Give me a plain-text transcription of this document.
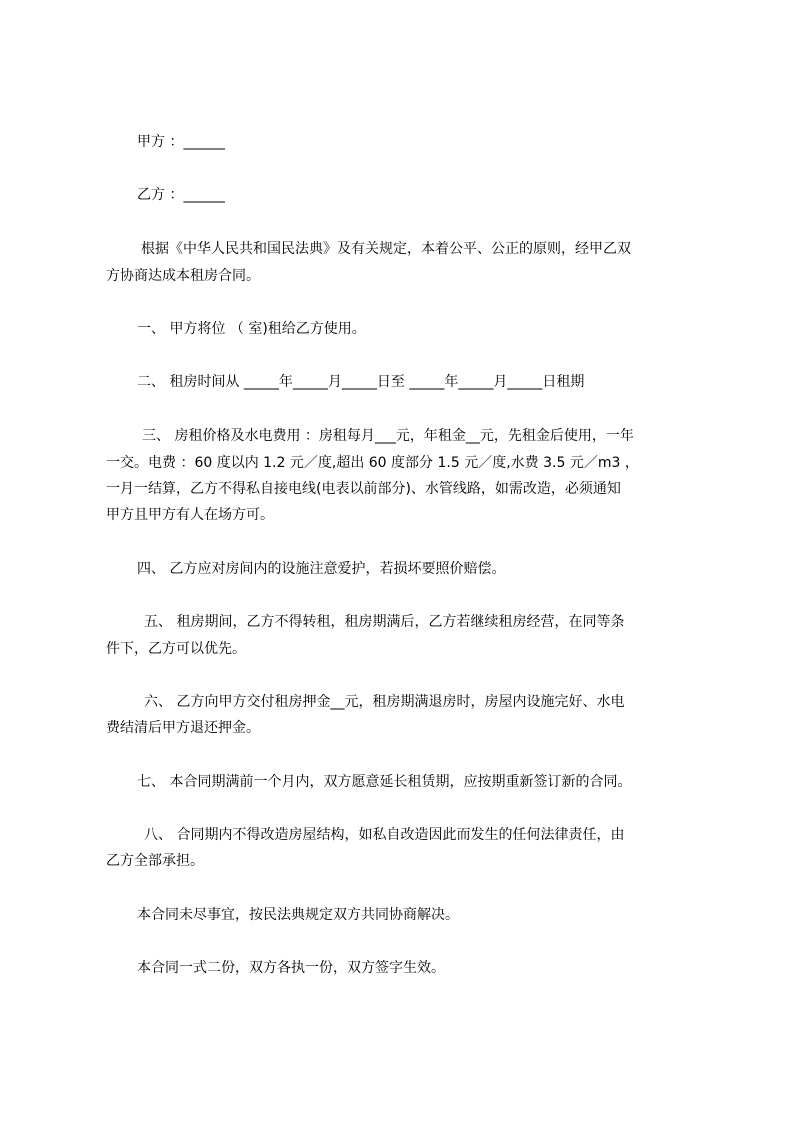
甲方 ：______
乙方 ：______
根据《中华人民共和国民法典》及有关规定，本着公平、公正的原则，经甲乙双
方协商达成本租房合同。
一、 甲方将位 （ 室)租给乙方使用。
二、 租房时间从 _____年_____月_____日至 _____年_____月_____日租期
三、 房租价格及水电费用 ：房租每月___元，年租金__元，先租金后使用，一年
一交。电费 ：60 度以内 1.2 元／度,超出 60 度部分 1.5 元／度,水费 3.5 元／m3 ，
一月一结算，乙方不得私自接电线(电表以前部分)、水管线路，如需改造，必须通知
甲方且甲方有人在场方可。
四、 乙方应对房间内的设施注意爱护，若损坏要照价赔偿。
五、 租房期间，乙方不得转租，租房期满后，乙方若继续租房经营，在同等条
件下，乙方可以优先。
六、 乙方向甲方交付租房押金__元，租房期满退房时，房屋内设施完好、水电
费结清后甲方退还押金。
七、 本合同期满前一个月内，双方愿意延长租赁期，应按期重新签订新的合同。
八、 合同期内不得改造房屋结构，如私自改造因此而发生的任何法律责任，由
乙方全部承担。
本合同未尽事宜，按民法典规定双方共同协商解决。
本合同一式二份，双方各执一份，双方签字生效。
